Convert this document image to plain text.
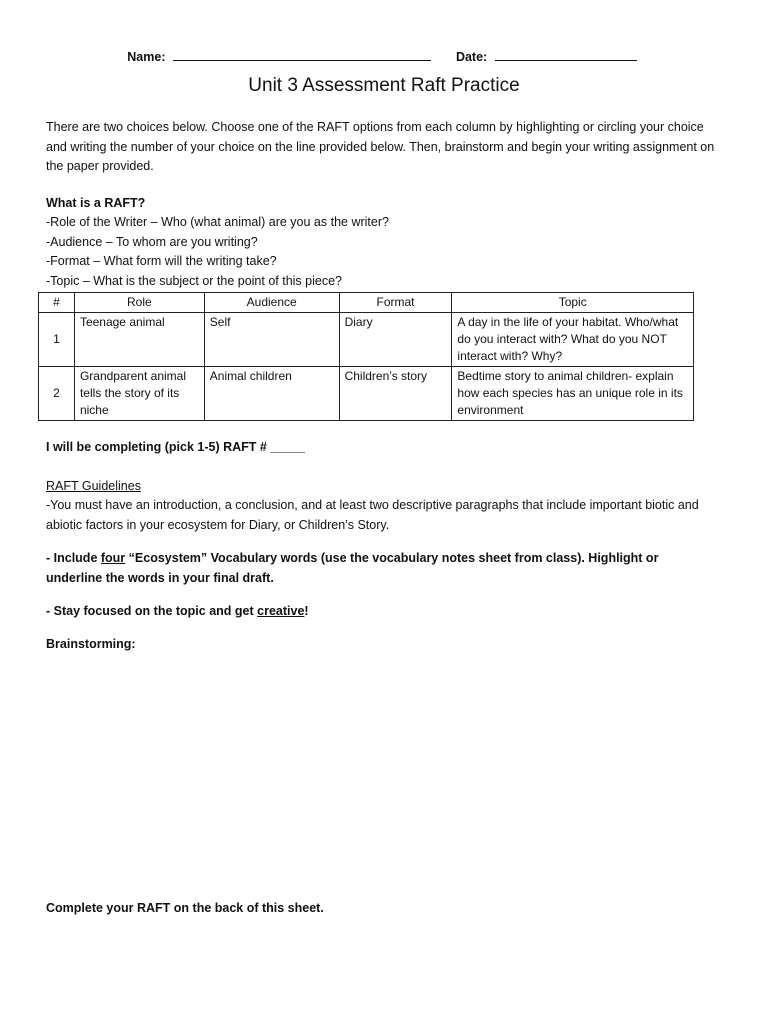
Name:	Date:
Unit 3 Assessment Raft Practice
There are two choices below. Choose one of the RAFT options from each column by highlighting or circling your choice and writing the number of your choice on the line provided below. Then, brainstorm and begin your writing assignment on the paper provided.
What is a RAFT?
-Role of the Writer – Who (what animal) are you as the writer?
-Audience – To whom are you writing?
-Format – What form will the writing take?
-Topic – What is the subject or the point of this piece?
#	Role	Audience	Format	Topic
1	Teenage animal	Self	Diary	A day in the life of your habitat. Who/what do you interact with? What do you NOT interact with? Why?
2	Grandparent animal tells the story of its niche	Animal children	Children’s story	Bedtime story to animal children- explain how each species has an unique role in its environment
I will be completing (pick 1-5) RAFT # _____
RAFT Guidelines
-You must have an introduction, a conclusion, and at least two descriptive paragraphs that include important biotic and abiotic factors in your ecosystem for Diary, or Children’s Story.
- Include four “Ecosystem” Vocabulary words (use the vocabulary notes sheet from class). Highlight or underline the words in your final draft.
- Stay focused on the topic and get creative!
Brainstorming:
Complete your RAFT on the back of this sheet.
